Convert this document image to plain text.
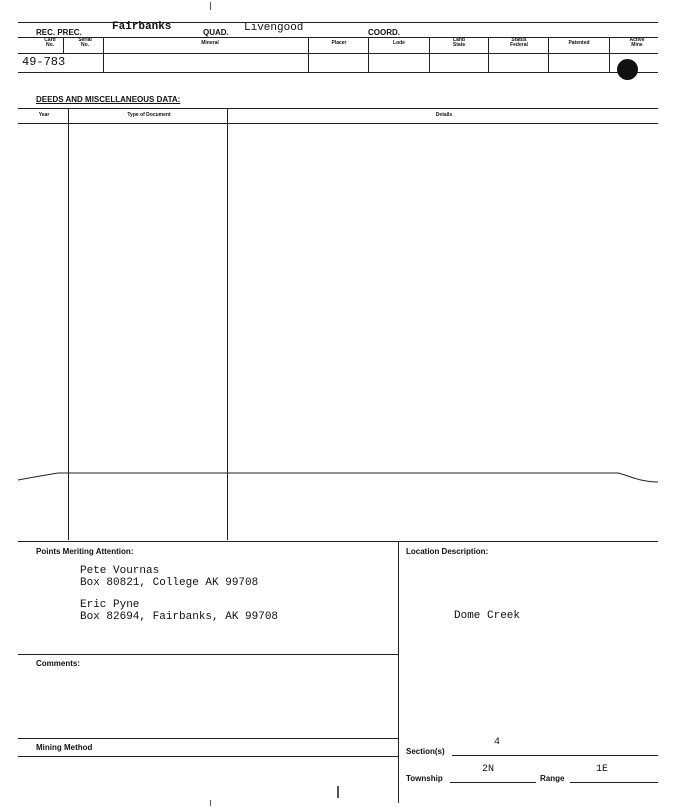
REC. PREC.	Fairbanks	QUAD. Livengood	COORD.
Card
No.
Serial
No.	Mineral	Placer	Lode	Land
State
Status
Federal	Patented	Active
Mine
49-783
DEEDS AND MISCELLANEOUS DATA:
Year	Type of Document	Details
Points Meriting Attention:
Pete Vournas
Box 80821, College AK 99708
Eric Pyne
Box 82694, Fairbanks, AK 99708
Comments:
Mining Method
Location Description:
Dome Creek
Section(s)
4
Township
2N
Range
1E
